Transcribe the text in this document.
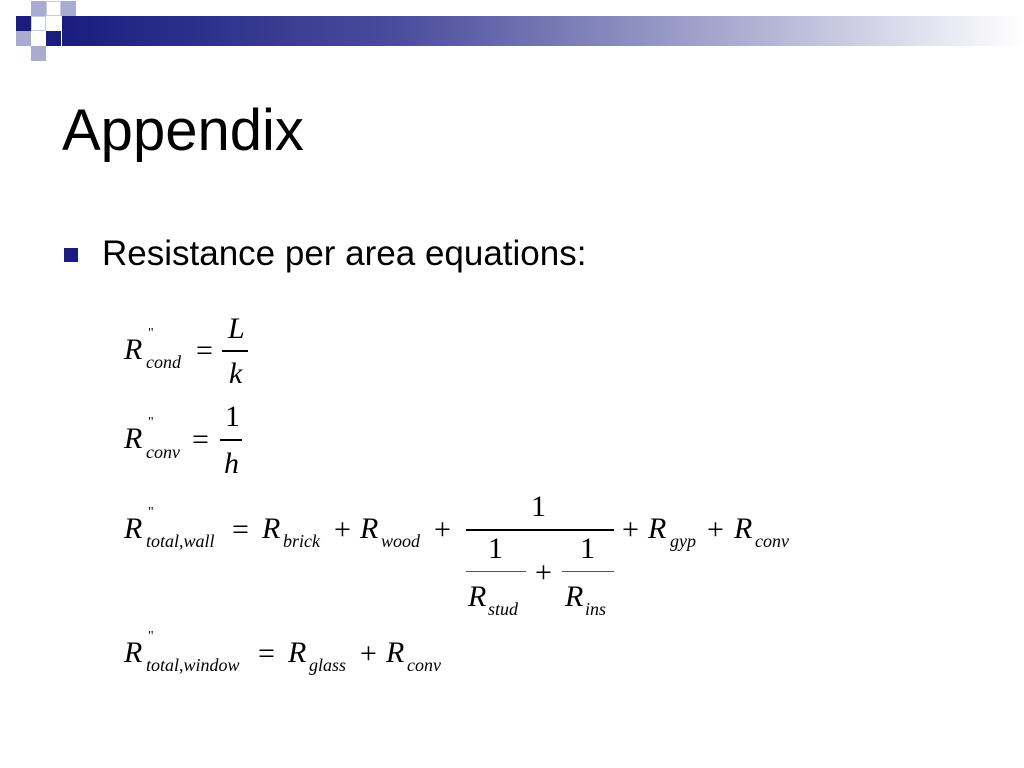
Appendix
Resistance per area equations:
R "
cond =
L
k
R "
conv =
1
h
R "
total,wall = R brick + R wood +
1
1
R stud
+
1
R ins
+ R gyp + R conv
R "
total,window = R glass + R conv
